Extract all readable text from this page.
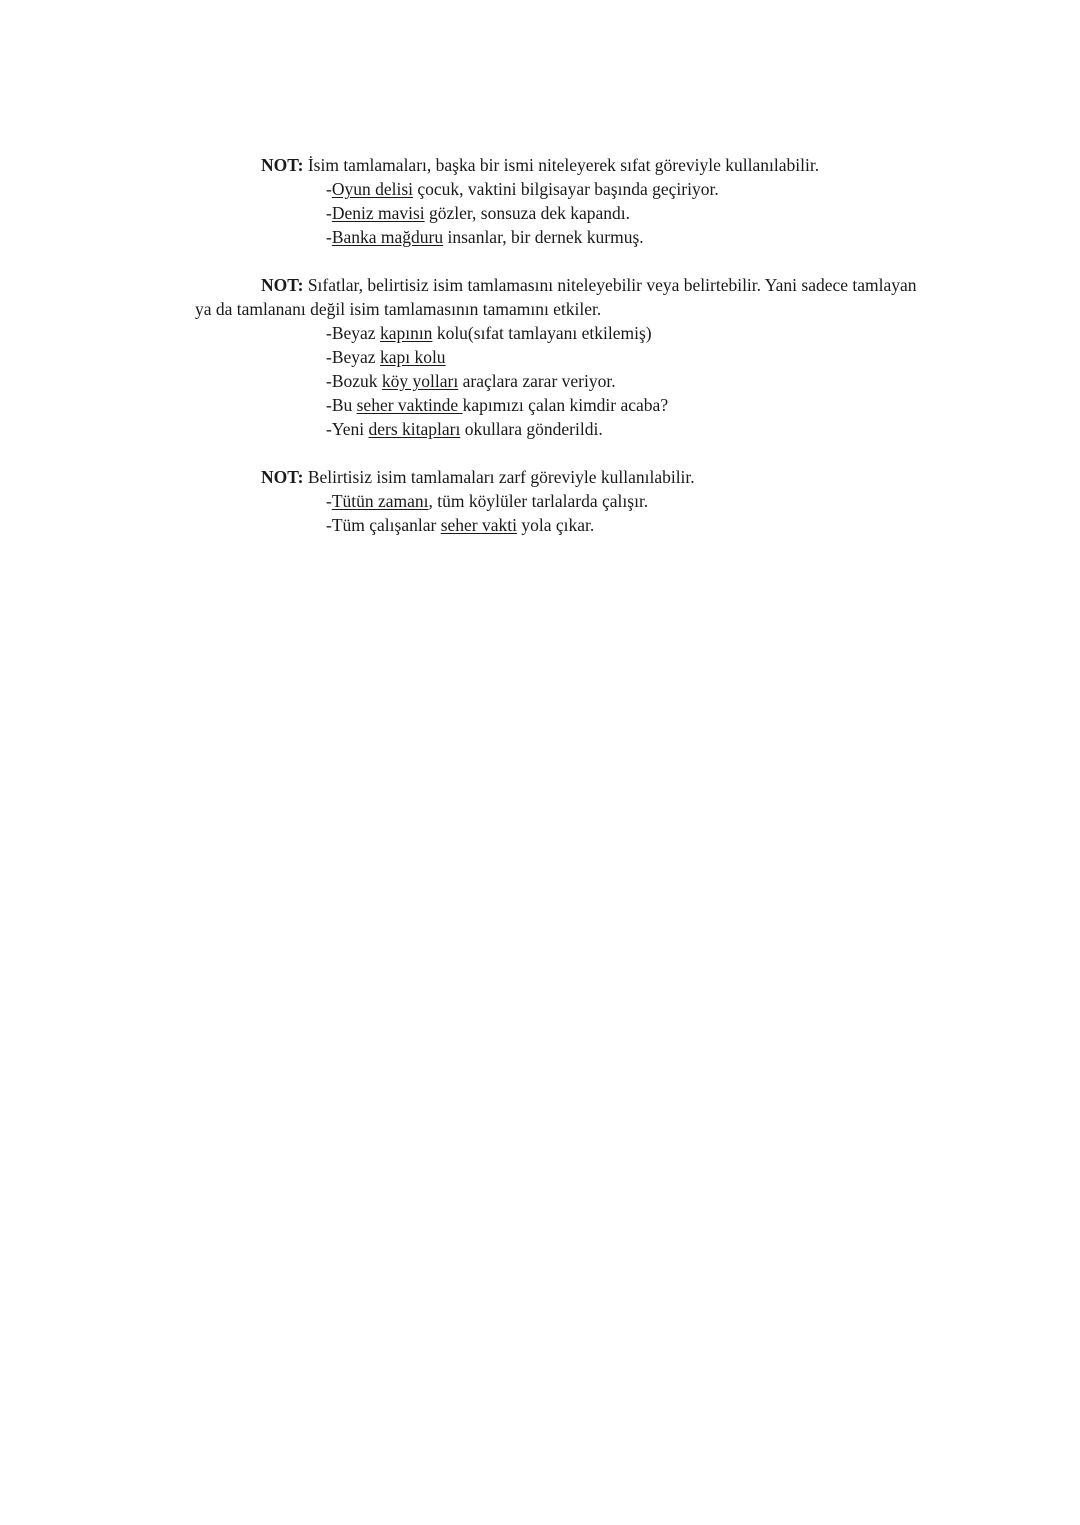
NOT: İsim tamlamaları, başka bir ismi niteleyerek sıfat göreviyle kullanılabilir.
-Oyun delisi çocuk, vaktini bilgisayar başında geçiriyor.
-Deniz mavisi gözler, sonsuza dek kapandı.
-Banka mağduru insanlar, bir dernek kurmuş.
NOT: Sıfatlar, belirtisiz isim tamlamasını niteleyebilir veya belirtebilir. Yani sadece tamlayan
ya da tamlananı değil isim tamlamasının tamamını etkiler.
-Beyaz kapının kolu(sıfat tamlayanı etkilemiş)
-Beyaz kapı kolu
-Bozuk köy yolları araçlara zarar veriyor.
-Bu seher vaktinde kapımızı çalan kimdir acaba?
-Yeni ders kitapları okullara gönderildi.
NOT: Belirtisiz isim tamlamaları zarf göreviyle kullanılabilir.
-Tütün zamanı, tüm köylüler tarlalarda çalışır.
-Tüm çalışanlar seher vakti yola çıkar.
